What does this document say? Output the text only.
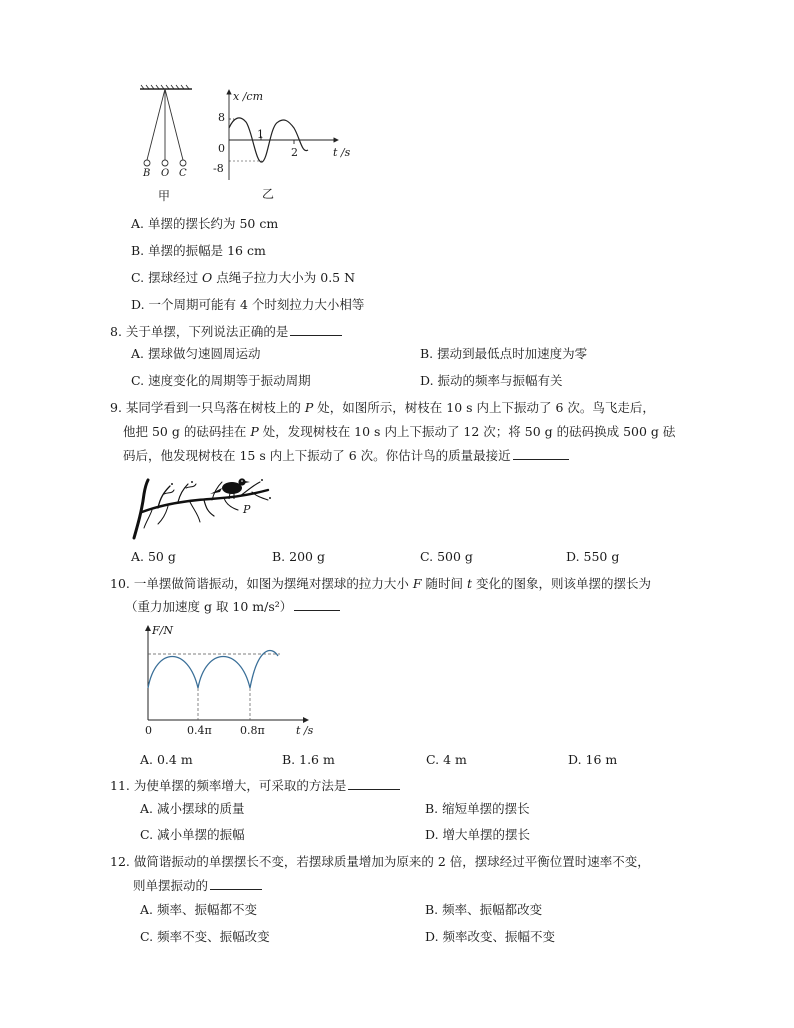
B O C
甲
x /cm
8
0
-8
1
2	t /s
乙
A. 单摆的摆长约为 50 cm
B. 单摆的振幅是 16 cm
C. 摆球经过 O 点绳子拉力大小为 0.5 N
D. 一个周期可能有 4 个时刻拉力大小相等
8. 关于单摆，下列说法正确的是
A. 摆球做匀速圆周运动	B. 摆动到最低点时加速度为零
C. 速度变化的周期等于振动周期	D. 振动的频率与振幅有关
9. 某同学看到一只鸟落在树枝上的 P 处，如图所示，树枝在 10 s 内上下振动了 6 次。鸟飞走后，
他把 50 g 的砝码挂在 P 处，发现树枝在 10 s 内上下振动了 12 次；将 50 g 的砝码换成 500 g 砝
码后，他发现树枝在 15 s 内上下振动了 6 次。你估计鸟的质量最接近
P
A. 50 g	B. 200 g	C. 500 g	D. 550 g
10. 一单摆做简谐振动，如图为摆绳对摆球的拉力大小 F 随时间 t 变化的图象，则该单摆的摆长为
（重力加速度 g 取 10 m/s²）
F/N
0	0.4π	0.8π	t /s
A. 0.4 m	B. 1.6 m	C. 4 m	D. 16 m
11. 为使单摆的频率增大，可采取的方法是
A. 减小摆球的质量	B. 缩短单摆的摆长
C. 减小单摆的振幅	D. 增大单摆的摆长
12. 做简谐振动的单摆摆长不变，若摆球质量增加为原来的 2 倍，摆球经过平衡位置时速率不变，
则单摆振动的
A. 频率、振幅都不变	B. 频率、振幅都改变
C. 频率不变、振幅改变	D. 频率改变、振幅不变
